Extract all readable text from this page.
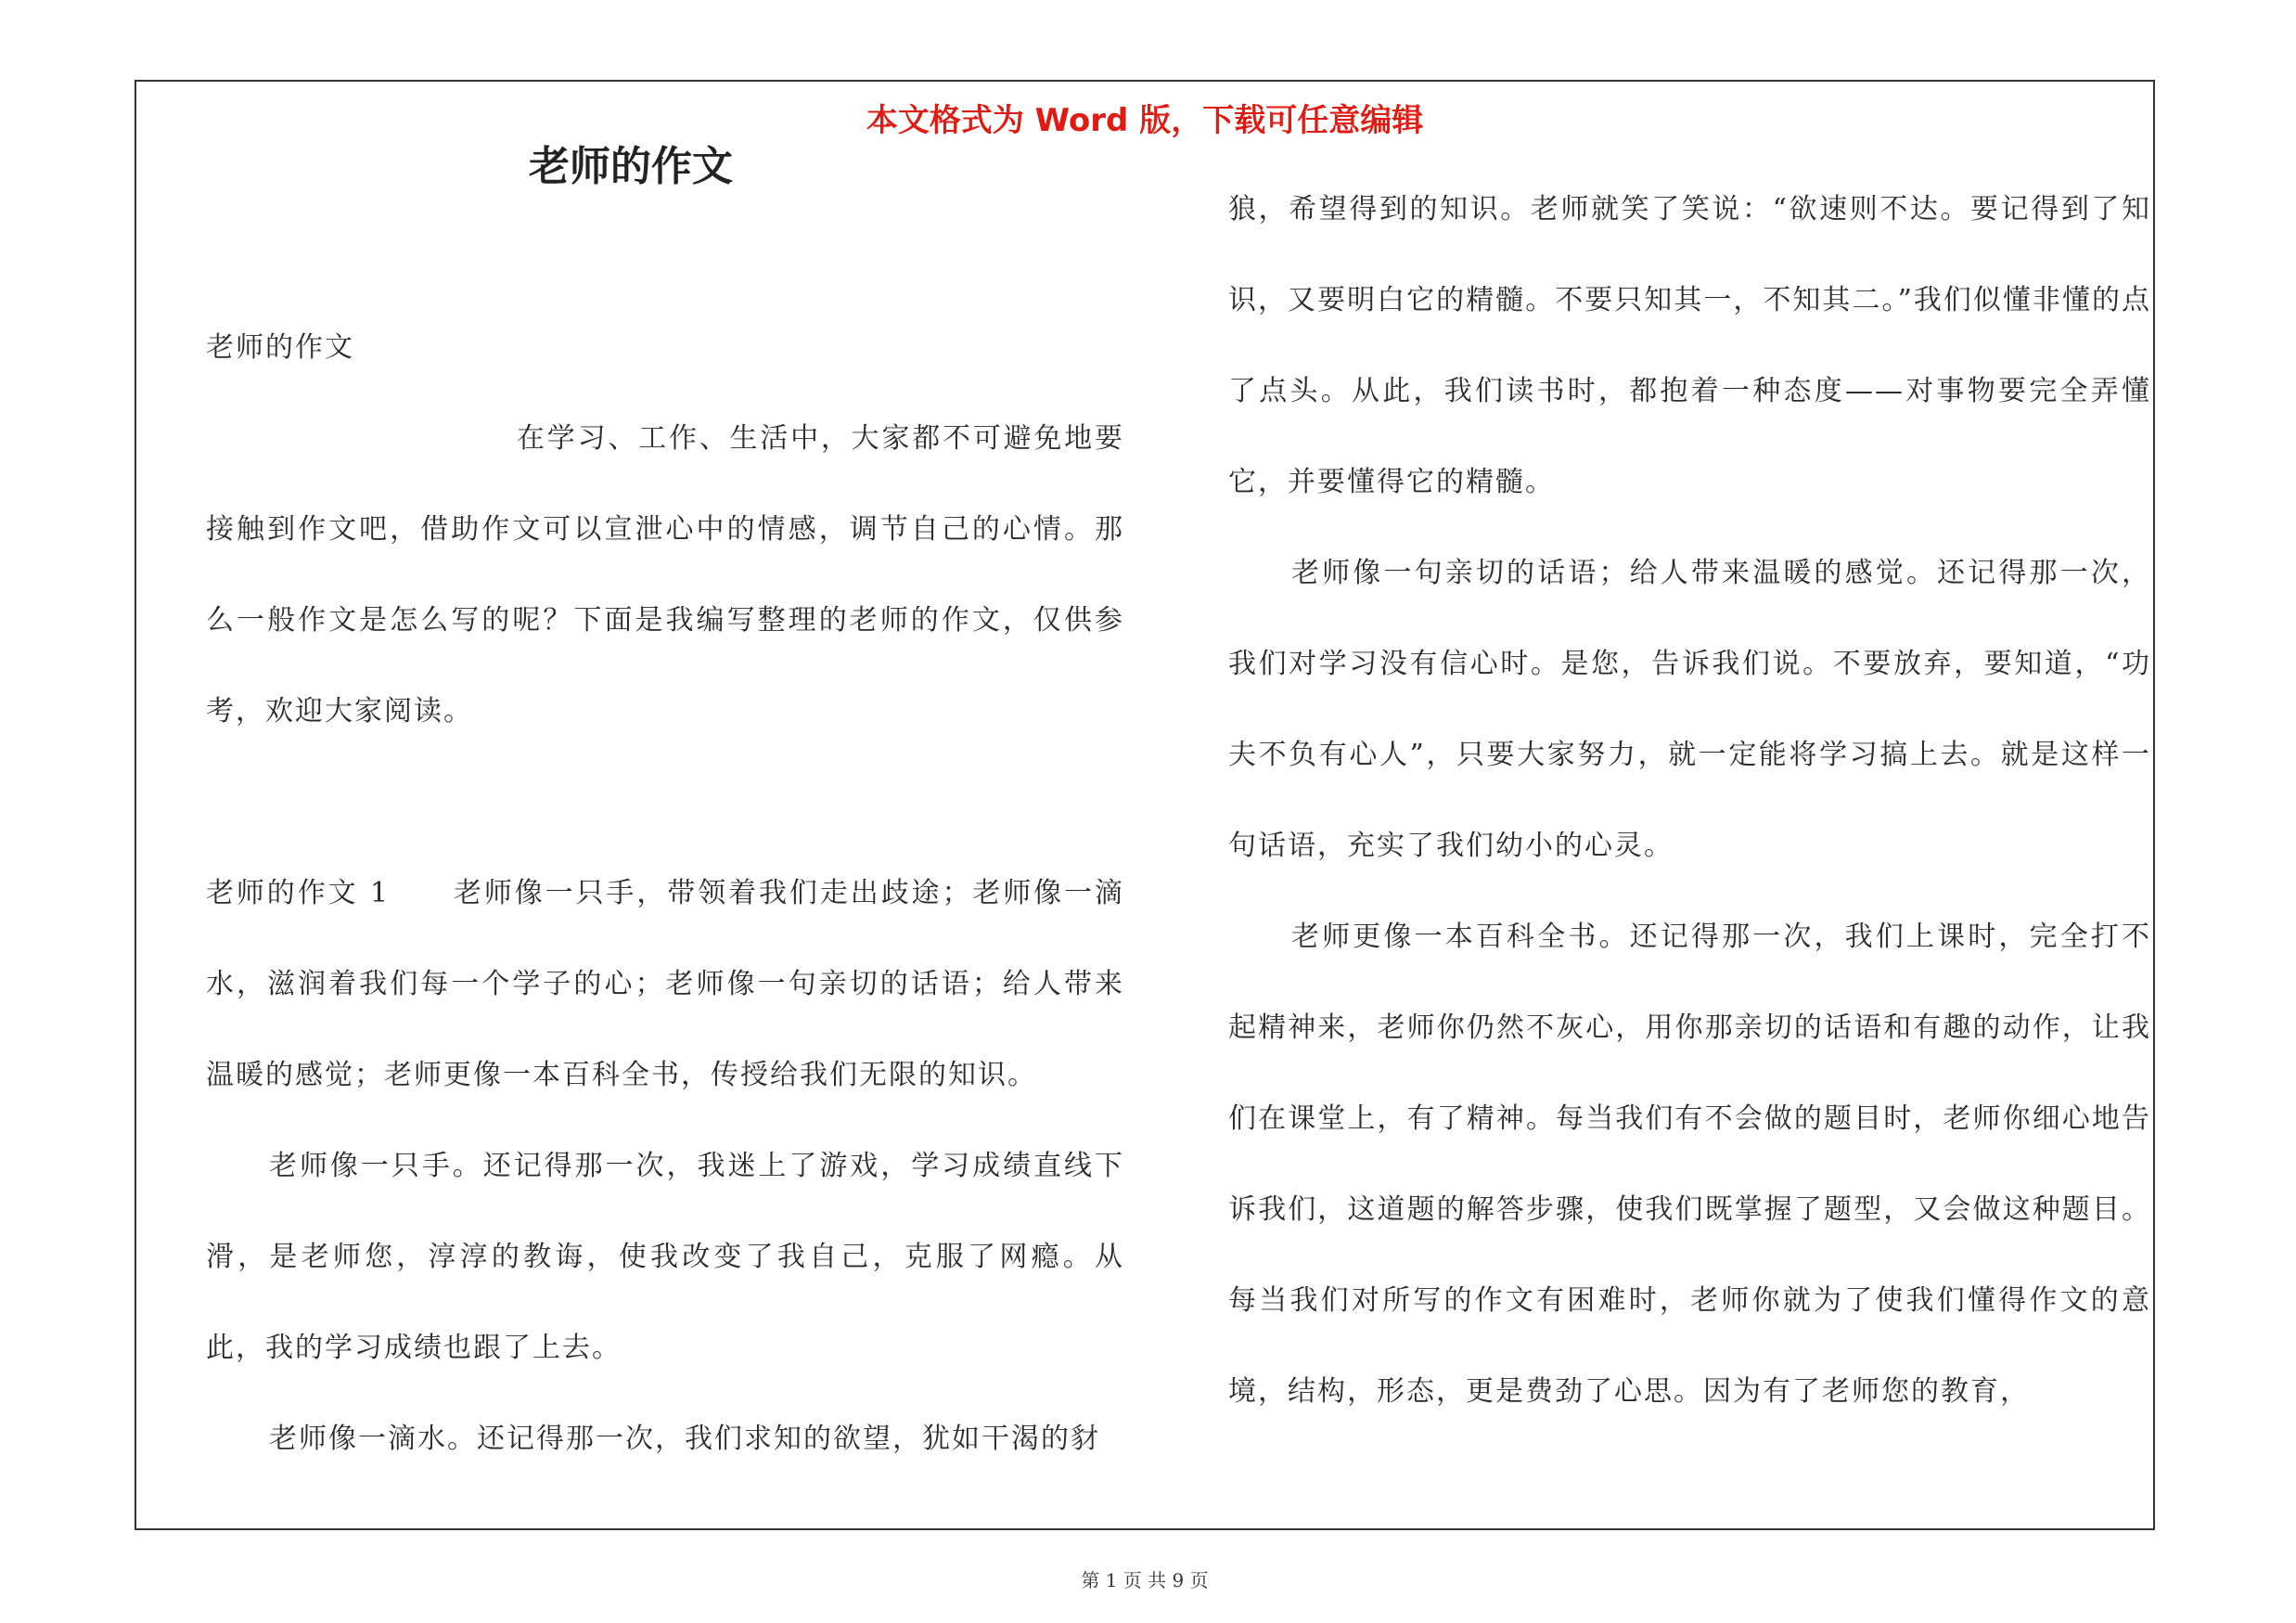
本文格式为 Word 版，下载可任意编辑
第 1 页 共 9 页
老师的作文

老师的作文

在学习、工作、生活中，大家都不可避免地要接触到作文吧，借助作文可以宣泄心中的情感，调节自己的心情。那么一般作文是怎么写的呢？下面是我编写整理的老师的作文，仅供参考，欢迎大家阅读。

老师的作文 1 老师像一只手，带领着我们走出歧途；老师像一滴水，滋润着我们每一个学子的心；老师像一句亲切的话语；给人带来温暖的感觉；老师更像一本百科全书，传授给我们无限的知识。

老师像一只手。还记得那一次，我迷上了游戏，学习成绩直线下滑，是老师您，淳淳的教诲，使我改变了我自己，克服了网瘾。从此，我的学习成绩也跟了上去。

老师像一滴水。还记得那一次，我们求知的欲望，犹如干渴的豺

狼，希望得到的知识。老师就笑了笑说：“欲速则不达。要记得到了知识，又要明白它的精髓。不要只知其一，不知其二。”我们似懂非懂的点了点头。从此，我们读书时，都抱着一种态度——对事物要完全弄懂它，并要懂得它的精髓。

老师像一句亲切的话语；给人带来温暖的感觉。还记得那一次，我们对学习没有信心时。是您，告诉我们说。不要放弃，要知道，“功夫不负有心人”，只要大家努力，就一定能将学习搞上去。就是这样一句话语，充实了我们幼小的心灵。

老师更像一本百科全书。还记得那一次，我们上课时，完全打不起精神来，老师你仍然不灰心，用你那亲切的话语和有趣的动作，让我们在课堂上，有了精神。每当我们有不会做的题目时，老师你细心地告诉我们，这道题的解答步骤，使我们既掌握了题型，又会做这种题目。每当我们对所写的作文有困难时，老师你就为了使我们懂得作文的意境，结构，形态，更是费劲了心思。因为有了老师您的教育，
